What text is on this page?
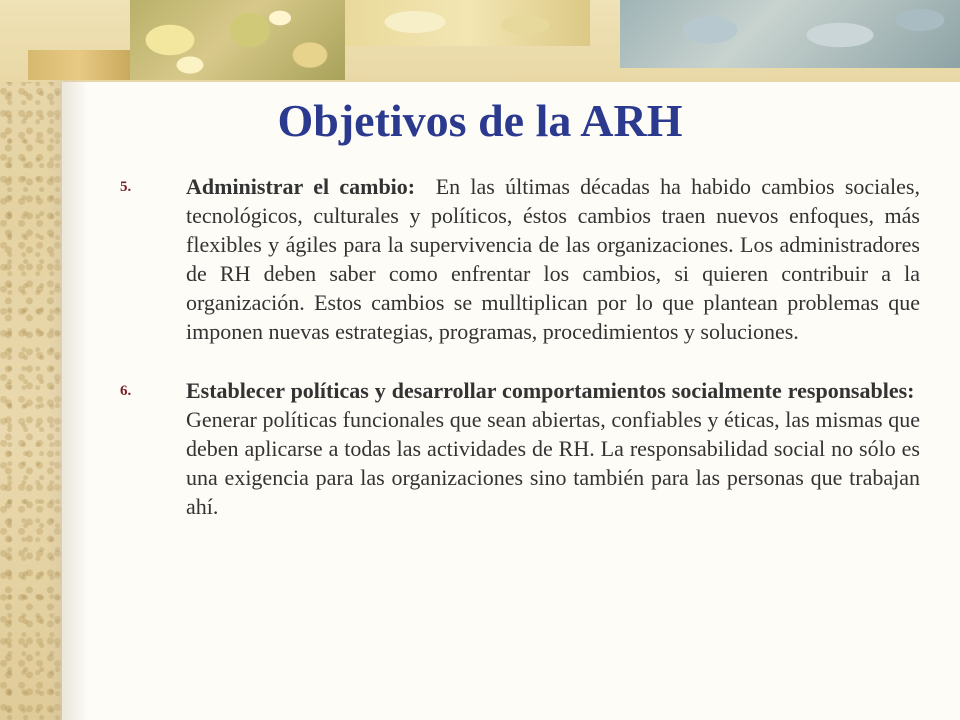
Objetivos de la ARH
5. Administrar el cambio: En las últimas décadas ha habido cambios sociales, tecnológicos, culturales y políticos, éstos cambios traen nuevos enfoques, más flexibles y ágiles para la supervivencia de las organizaciones. Los administradores de RH deben saber como enfrentar los cambios, si quieren contribuir a la organización. Estos cambios se mulltiplican por lo que plantean problemas que imponen nuevas estrategias, programas, procedimientos y soluciones.

6. Establecer políticas y desarrollar comportamientos socialmente responsables:  Generar políticas funcionales que sean abiertas, confiables y éticas, las mismas que deben aplicarse a todas las actividades de RH. La responsabilidad social no sólo es una exigencia para las organizaciones sino también para las personas que trabajan ahí.
